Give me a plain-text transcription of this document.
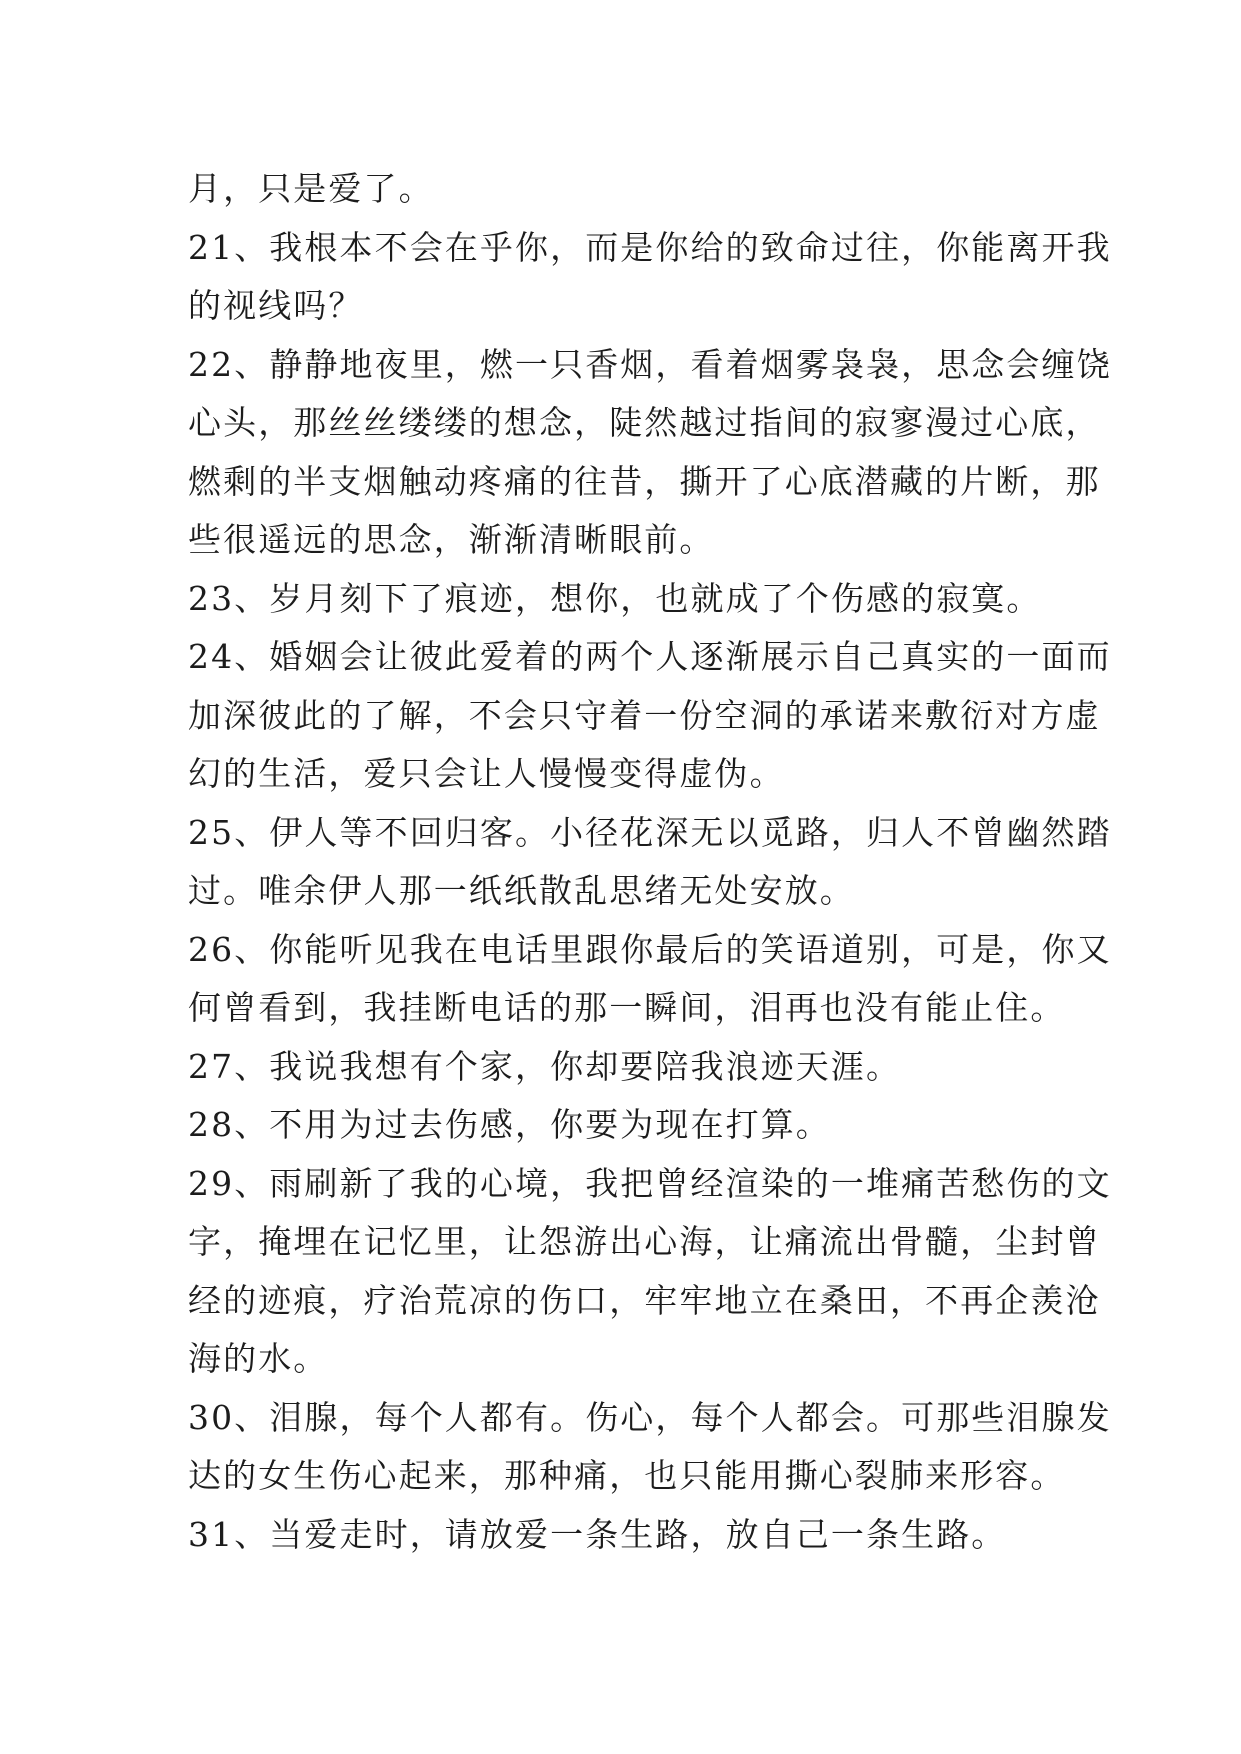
月，只是爱了。
21、我根本不会在乎你，而是你给的致命过往，你能离开我
的视线吗？
22、静静地夜里，燃一只香烟，看着烟雾袅袅，思念会缠饶
心头，那丝丝缕缕的想念，陡然越过指间的寂寥漫过心底，
燃剩的半支烟触动疼痛的往昔，撕开了心底潜藏的片断，那
些很遥远的思念，渐渐清晰眼前。
23、岁月刻下了痕迹，想你，也就成了个伤感的寂寞。
24、婚姻会让彼此爱着的两个人逐渐展示自己真实的一面而
加深彼此的了解，不会只守着一份空洞的承诺来敷衍对方虚
幻的生活，爱只会让人慢慢变得虚伪。
25、伊人等不回归客。小径花深无以觅路，归人不曾幽然踏
过。唯余伊人那一纸纸散乱思绪无处安放。
26、你能听见我在电话里跟你最后的笑语道别，可是，你又
何曾看到，我挂断电话的那一瞬间，泪再也没有能止住。
27、我说我想有个家，你却要陪我浪迹天涯。
28、不用为过去伤感，你要为现在打算。
29、雨刷新了我的心境，我把曾经渲染的一堆痛苦愁伤的文
字，掩埋在记忆里，让怨游出心海，让痛流出骨髓，尘封曾
经的迹痕，疗治荒凉的伤口，牢牢地立在桑田，不再企羡沧
海的水。
30、泪腺，每个人都有。伤心，每个人都会。可那些泪腺发
达的女生伤心起来，那种痛，也只能用撕心裂肺来形容。
31、当爱走时，请放爱一条生路，放自己一条生路。
